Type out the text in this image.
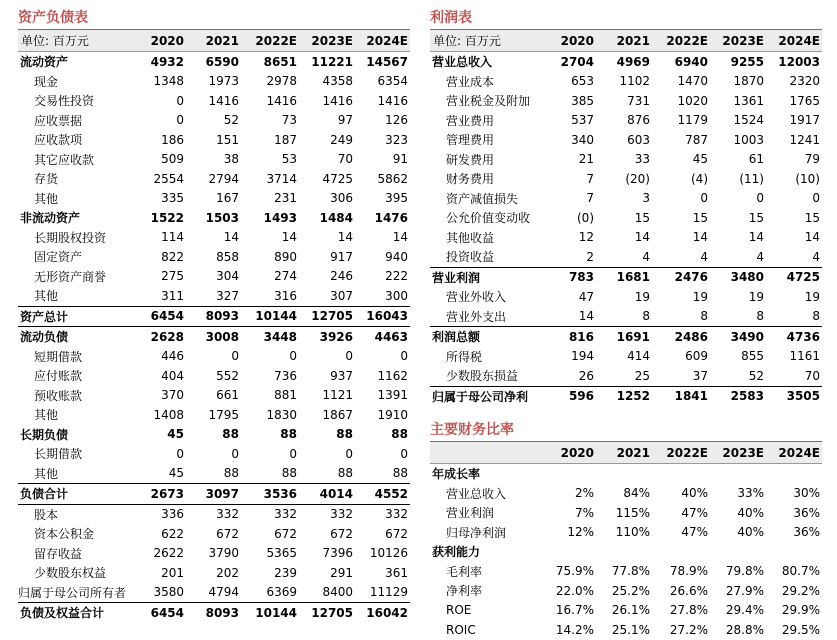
资产负债表
单位: 百万元	2020	2021	2022E	2023E	2024E
流动资产	4932	6590	8651	11221	14567
现金	1348	1973	2978	4358	6354
交易性投资	0	1416	1416	1416	1416
应收票据	0	52	73	97	126
应收款项	186	151	187	249	323
其它应收款	509	38	53	70	91
存货	2554	2794	3714	4725	5862
其他	335	167	231	306	395
非流动资产	1522	1503	1493	1484	1476
长期股权投资	114	14	14	14	14
固定资产	822	858	890	917	940
无形资产商誉	275	304	274	246	222
其他	311	327	316	307	300
资产总计	6454	8093	10144	12705	16043
流动负债	2628	3008	3448	3926	4463
短期借款	446	0	0	0	0
应付账款	404	552	736	937	1162
预收账款	370	661	881	1121	1391
其他	1408	1795	1830	1867	1910
长期负债	45	88	88	88	88
长期借款	0	0	0	0	0
其他	45	88	88	88	88
负债合计	2673	3097	3536	4014	4552
股本	336	332	332	332	332
资本公积金	622	672	672	672	672
留存收益	2622	3790	5365	7396	10126
少数股东权益	201	202	239	291	361
归属于母公司所有者	3580	4794	6369	8400	11129
负债及权益合计	6454	8093	10144	12705	16042
利润表
单位: 百万元	2020	2021	2022E	2023E	2024E
营业总收入	2704	4969	6940	9255	12003
营业成本	653	1102	1470	1870	2320
营业税金及附加	385	731	1020	1361	1765
营业费用	537	876	1179	1524	1917
管理费用	340	603	787	1003	1241
研发费用	21	33	45	61	79
财务费用	7	(20)	(4)	(11)	(10)
资产减值损失	7	3	0	0	0
公允价值变动收	(0)	15	15	15	15
其他收益	12	14	14	14	14
投资收益	2	4	4	4	4
营业利润	783	1681	2476	3480	4725
营业外收入	47	19	19	19	19
营业外支出	14	8	8	8	8
利润总额	816	1691	2486	3490	4736
所得税	194	414	609	855	1161
少数股东损益	26	25	37	52	70
归属于母公司净利	596	1252	1841	2583	3505
主要财务比率
	2020	2021	2022E	2023E	2024E
年成长率					
营业总收入	2%	84%	40%	33%	30%
营业利润	7%	115%	47%	40%	36%
归母净利润	12%	110%	47%	40%	36%
获利能力					
毛利率	75.9%	77.8%	78.9%	79.8%	80.7%
净利率	22.0%	25.2%	26.6%	27.9%	29.2%
ROE	16.7%	26.1%	27.8%	29.4%	29.9%
ROIC	14.2%	25.1%	27.2%	28.8%	29.5%
